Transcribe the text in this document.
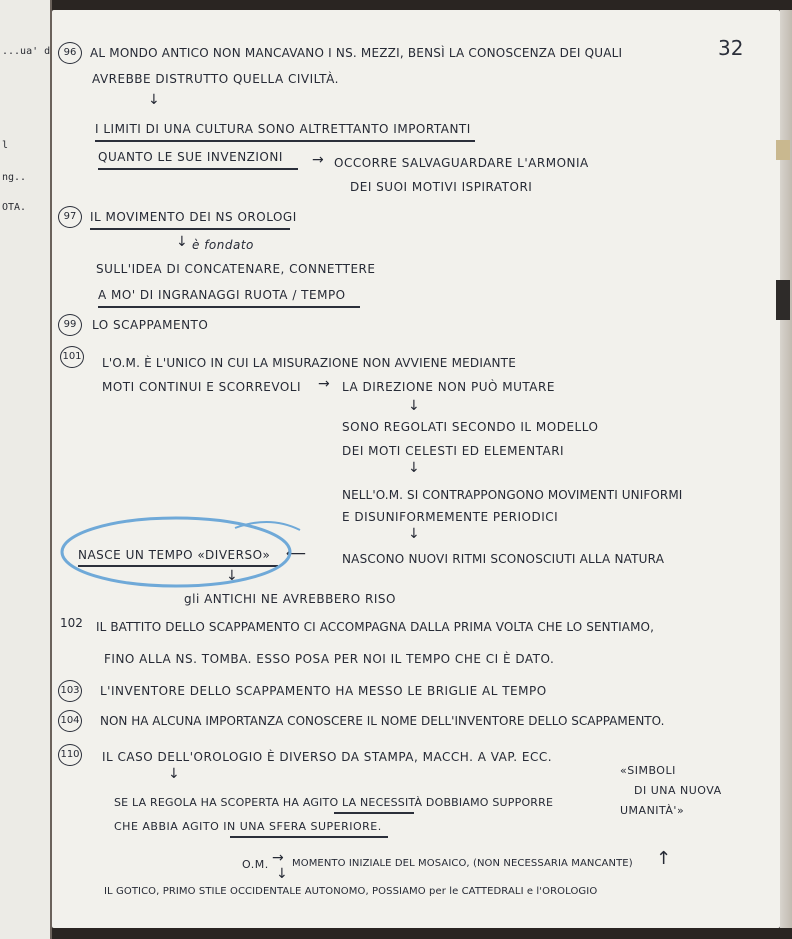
...ua' d
l
ng..
OTA.
32
96	AL MONDO ANTICO NON MANCAVANO I NS. MEZZI, BENSÌ LA CONOSCENZA DEI QUALI
AVREBBE DISTRUTTO QUELLA CIVILTÀ.
↓
I LIMITI DI UNA CULTURA SONO ALTRETTANTO IMPORTANTI
QUANTO LE SUE INVENZIONI → OCCORRE SALVAGUARDARE L'ARMONIA
DEI SUOI MOTIVI ISPIRATORI
97	IL MOVIMENTO DEI NS OROLOGI
↓ è fondato
SULL'IDEA DI CONCATENARE, CONNETTERE
A MO' DI INGRANAGGI RUOTA / TEMPO
99	LO SCAPPAMENTO
101 L'O.M. È L'UNICO IN CUI LA MISURAZIONE NON AVVIENE MEDIANTE
MOTI CONTINUI E SCORREVOLI → LA DIREZIONE NON PUÒ MUTARE
↓
SONO REGOLATI SECONDO IL MODELLO
DEI MOTI CELESTI ED ELEMENTARI
↓
NELL'O.M. SI CONTRAPPONGONO MOVIMENTI UNIFORMI
E DISUNIFORMEMENTE PERIODICI
↓
NASCONO NUOVI RITMI SCONOSCIUTI ALLA NATURA
⟵
NASCE UN TEMPO «DIVERSO»
↓
gli ANTICHI NE AVREBBERO RISO
102 IL BATTITO DELLO SCAPPAMENTO CI ACCOMPAGNA DALLA PRIMA VOLTA CHE LO SENTIAMO,
FINO ALLA NS. TOMBA. ESSO POSA PER NOI IL TEMPO CHE CI È DATO.
103 L'INVENTORE DELLO SCAPPAMENTO HA MESSO LE BRIGLIE AL TEMPO
104 NON HA ALCUNA IMPORTANZA CONOSCERE IL NOME DELL'INVENTORE DELLO SCAPPAMENTO.
110 IL CASO DELL'OROLOGIO È DIVERSO DA STAMPA, MACCH. A VAP. ECC.
↓
SE LA REGOLA HA SCOPERTA HA AGITO LA NECESSITÀ DOBBIAMO SUPPORRE
CHE ABBIA AGITO IN UNA SFERA SUPERIORE.
«SIMBOLI
DI UNA NUOVA
UMANITÀ'»
↑
O.M. → MOMENTO INIZIALE DEL MOSAICO, (NON NECESSARIA MANCANTE)
↓
IL GOTICO, PRIMO STILE OCCIDENTALE AUTONOMO, POSSIAMO per le CATTEDRALI e l'OROLOGIO
